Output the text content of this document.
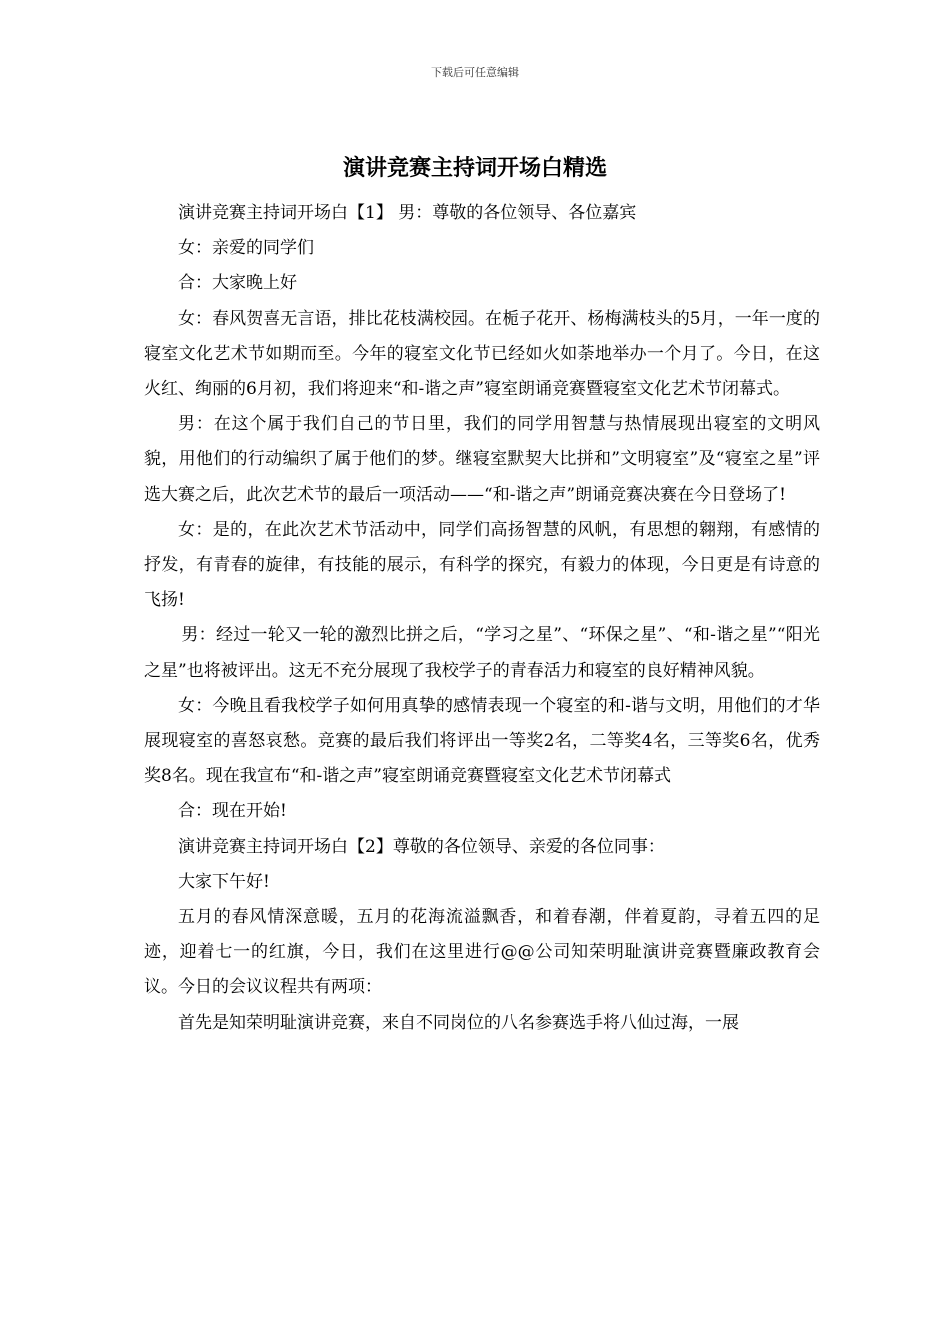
下载后可任意编辑
演讲竞赛主持词开场白精选

演讲竞赛主持词开场白【1】 男：尊敬的各位领导、各位嘉宾

女：亲爱的同学们

合：大家晚上好

女：春风贺喜无言语，排比花枝满校园。在栀子花开、杨梅满枝头的5月，一年一度的寝室文化艺术节如期而至。今年的寝室文化节已经如火如荼地举办一个月了。今日，在这火红、绚丽的6月初，我们将迎来“和-谐之声”寝室朗诵竞赛暨寝室文化艺术节闭幕式。

男：在这个属于我们自己的节日里，我们的同学用智慧与热情展现出寝室的文明风貌，用他们的行动编织了属于他们的梦。继寝室默契大比拼和”文明寝室”及“寝室之星”评选大赛之后，此次艺术节的最后一项活动——“和-谐之声”朗诵竞赛决赛在今日登场了!

女：是的，在此次艺术节活动中，同学们高扬智慧的风帆，有思想的翱翔，有感情的抒发，有青春的旋律，有技能的展示，有科学的探究，有毅力的体现，今日更是有诗意的飞扬!

男：经过一轮又一轮的激烈比拼之后，“学习之星”、“环保之星”、“和-谐之星”“阳光之星”也将被评出。这无不充分展现了我校学子的青春活力和寝室的良好精神风貌。

女：今晚且看我校学子如何用真挚的感情表现一个寝室的和-谐与文明，用他们的才华展现寝室的喜怒哀愁。竞赛的最后我们将评出一等奖2名，二等奖4名，三等奖6名，优秀奖8名。现在我宣布“和-谐之声”寝室朗诵竞赛暨寝室文化艺术节闭幕式

合：现在开始!

演讲竞赛主持词开场白【2】尊敬的各位领导、亲爱的各位同事：

大家下午好!

五月的春风情深意暖，五月的花海流溢飘香，和着春潮，伴着夏韵，寻着五四的足迹，迎着七一的红旗，今日，我们在这里进行@@公司知荣明耻演讲竞赛暨廉政教育会议。今日的会议议程共有两项：

首先是知荣明耻演讲竞赛，来自不同岗位的八名参赛选手将八仙过海，一展
